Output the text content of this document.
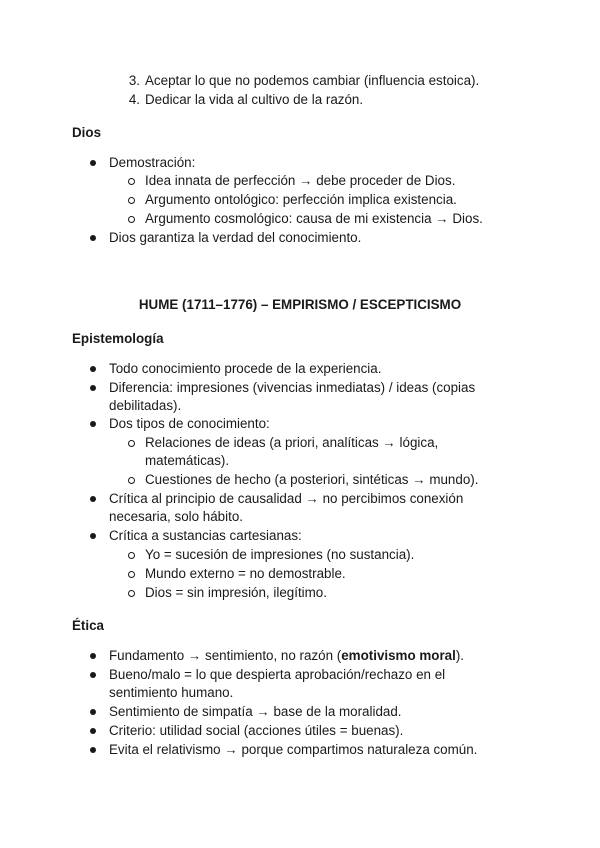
3. Aceptar lo que no podemos cambiar (influencia estoica).
4. Dedicar la vida al cultivo de la razón.
Dios
Demostración:
Idea innata de perfección → debe proceder de Dios.
Argumento ontológico: perfección implica existencia.
Argumento cosmológico: causa de mi existencia → Dios.
Dios garantiza la verdad del conocimiento.
HUME (1711–1776) – EMPIRISMO / ESCEPTICISMO
Epistemología
Todo conocimiento procede de la experiencia.
Diferencia: impresiones (vivencias inmediatas) / ideas (copias
debilitadas).
Dos tipos de conocimiento:
Relaciones de ideas (a priori, analíticas → lógica,
matemáticas).
Cuestiones de hecho (a posteriori, sintéticas → mundo).
Crítica al principio de causalidad → no percibimos conexión
necesaria, solo hábito.
Crítica a sustancias cartesianas:
Yo = sucesión de impresiones (no sustancia).
Mundo externo = no demostrable.
Dios = sin impresión, ilegítimo.
Ética
Fundamento → sentimiento, no razón (emotivismo moral).
Bueno/malo = lo que despierta aprobación/rechazo en el
sentimiento humano.
Sentimiento de simpatía → base de la moralidad.
Criterio: utilidad social (acciones útiles = buenas).
Evita el relativismo → porque compartimos naturaleza común.
